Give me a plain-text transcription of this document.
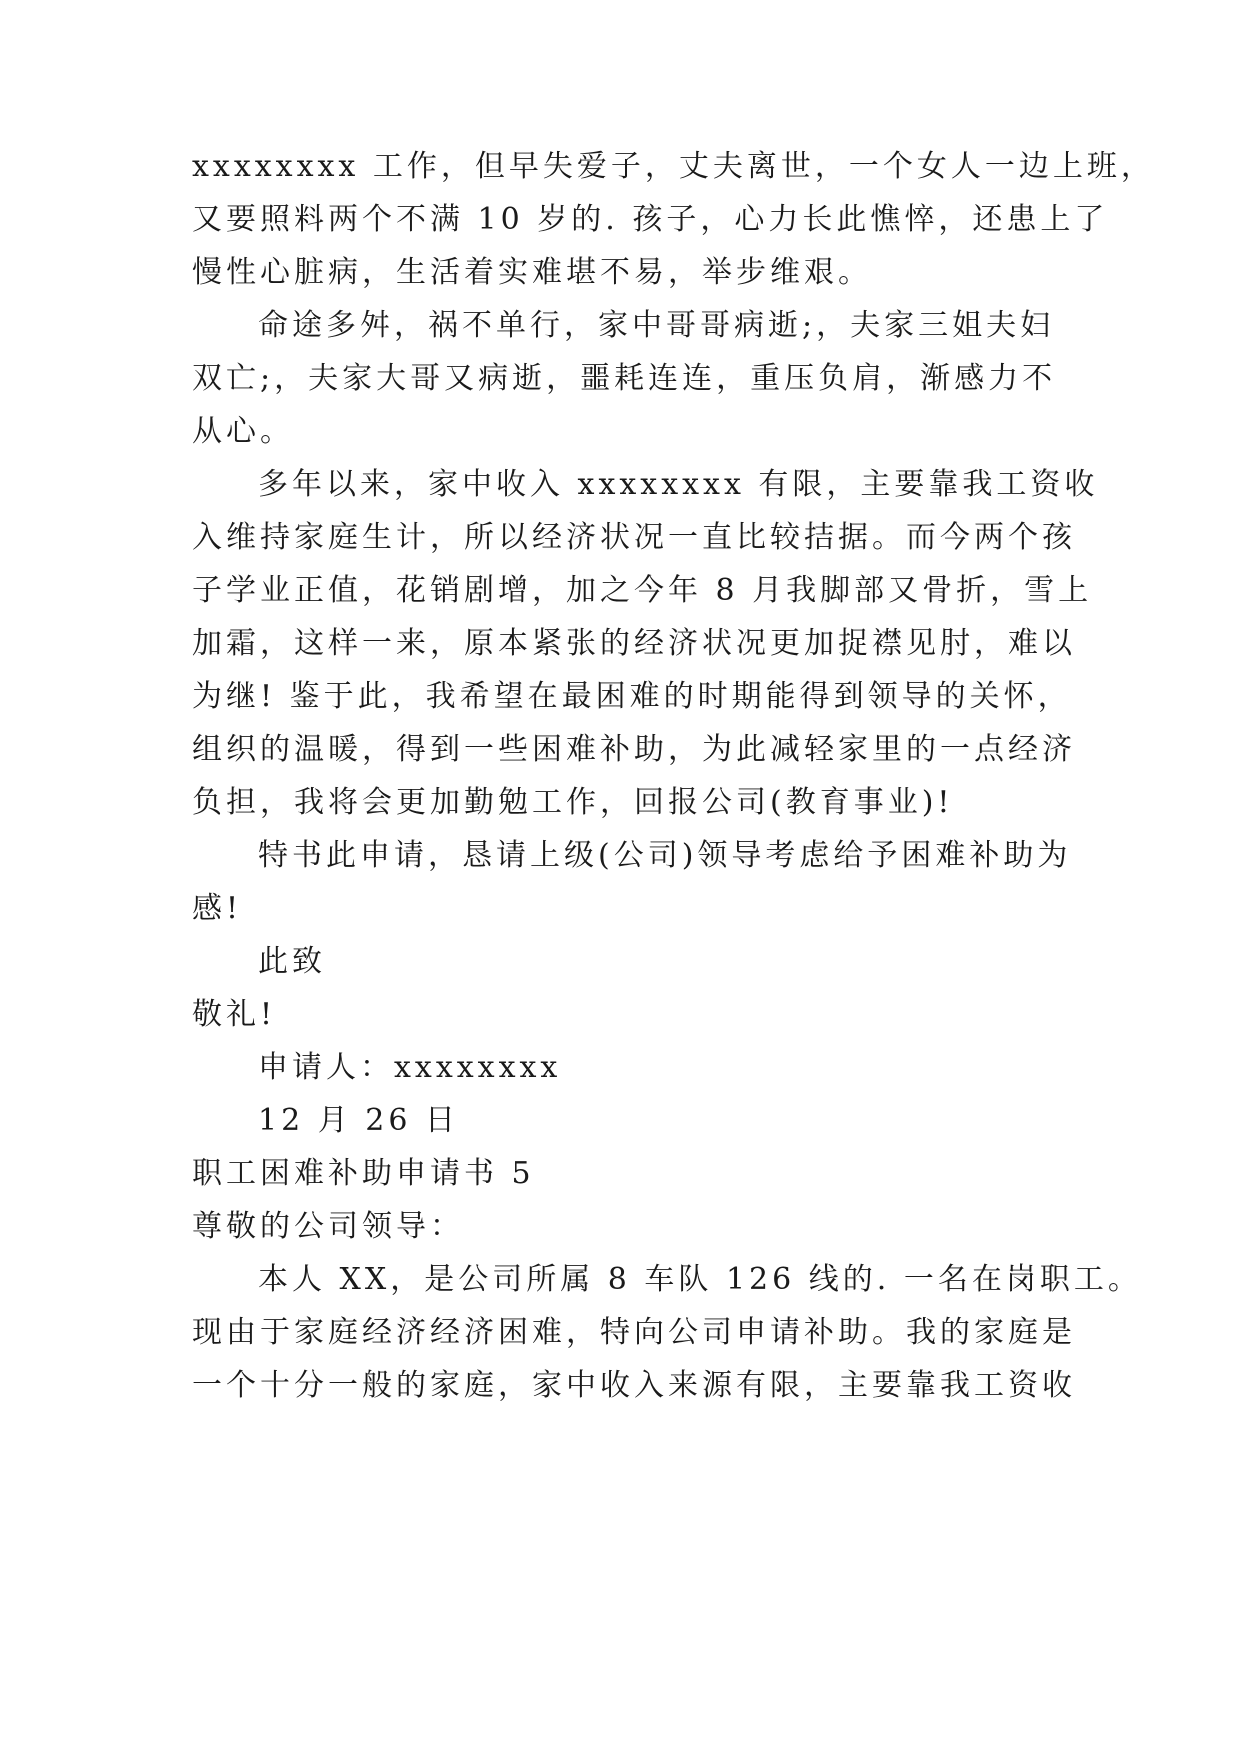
xxxxxxxx 工作，但早失爱子，丈夫离世，一个女人一边上班，
又要照料两个不满 10 岁的. 孩子，心力长此憔悴，还患上了
慢性心脏病，生活着实难堪不易，举步维艰。
命途多舛，祸不单行，家中哥哥病逝;，夫家三姐夫妇
双亡;，夫家大哥又病逝，噩耗连连，重压负肩，渐感力不
从心。
多年以来，家中收入 xxxxxxxx 有限，主要靠我工资收
入维持家庭生计，所以经济状况一直比较拮据。而今两个孩
子学业正值，花销剧增，加之今年 8 月我脚部又骨折，雪上
加霜，这样一来，原本紧张的经济状况更加捉襟见肘，难以
为继! 鉴于此，我希望在最困难的时期能得到领导的关怀，
组织的温暖，得到一些困难补助，为此减轻家里的一点经济
负担，我将会更加勤勉工作，回报公司(教育事业)!
特书此申请，恳请上级(公司)领导考虑给予困难补助为
感!
此致
敬礼!
申请人：xxxxxxxx
12 月 26 日
职工困难补助申请书 5
尊敬的公司领导：
本人 XX，是公司所属 8 车队 126 线的. 一名在岗职工。
现由于家庭经济经济困难，特向公司申请补助。我的家庭是
一个十分一般的家庭，家中收入来源有限，主要靠我工资收
